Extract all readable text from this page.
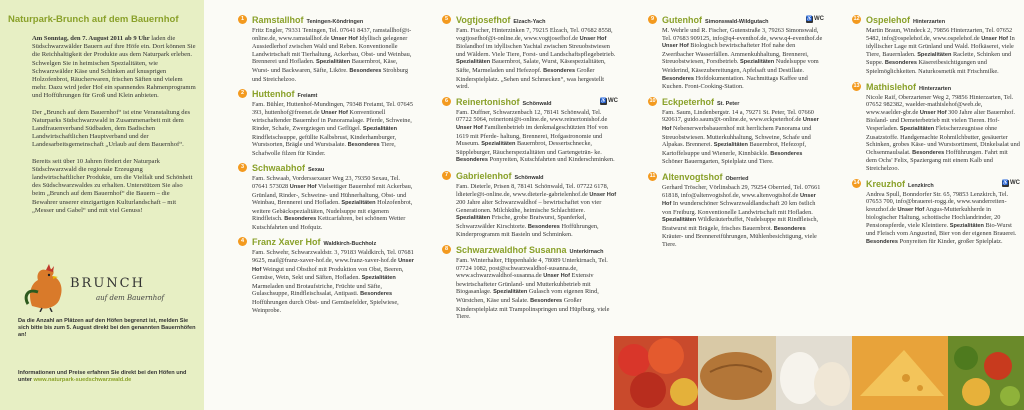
Naturpark-Brunch auf dem Bauernhof

Am Sonntag, den 7. August 2011 ab 9 Uhr laden die Südschwarzwälder Bauern auf ihre Höfe ein. Dort können Sie die Reichhaltigkeit der Produkte aus dem Naturpark erleben. Schwelgen Sie in heimischen Spezialitäten, wie Schwarzwälder Käse und Schinken auf knusprigen Holzofenbrot, Räucherwaren, frischen Säften und vielem mehr. Dazu wird jeder Hof ein spannendes Rahmenprogramm und Hofführungen für Groß und Klein anbieten.

Der „Brunch auf dem Bauernhof“ ist eine Veranstaltung des Naturparks Südschwarzwald in Zusammenarbeit mit dem Landfrauenverband Südbaden, dem Badischen Landwirtschaftlichen Hauptverband und der Landesarbeitsgemeinschaft „Urlaub auf dem Bauernhof“.

Bereits seit über 10 Jahren fördert der Naturpark Südschwarzwald die regionale Erzeugung landwirtschaftlicher Produkte, um die Vielfalt und Schönheit des Südschwarzwaldes zu erhalten. Unterstützen Sie also beim „Brunch auf dem Bauernhof“ die Bauern – die Bewahrer unserer einzigartigen Kulturlandschaft – mit „Messer und Gabel“ und mit viel Genuss!

BRUNCH
auf dem Bauernhof
Da die Anzahl an Plätzen auf den Höfen begrenzt ist, melden Sie sich bitte bis zum 5. August direkt bei den genannten Bauernhöfen an!
Informationen und Preise erfahren Sie direkt bei den Höfen und unter www.naturpark-suedschwarzwald.de
1 Ramstallhof Teningen-Köndringen

Fritz Engler, 79331 Teningen, Tel. 07641 8437, ramstallhof@t-online.de, www.ramstallhof.de Unser Hof Idyllisch gelegener Aussiedlerhof zwischen Wald und Reben. Konventionelle Landwirtschaft mit Tierhaltung, Ackerbau, Obst- und Weinbau, Brennerei und Hofladen. Spezialitäten Bauernbrot, Käse, Wurst- und Backwaren, Säfte, Liköre. Besonderes Strohburg und Streichelzoo.

2 Huttenhof Freiamt

Fam. Bühler, Huttenhof-Mundingen, 79348 Freiamt, Tel. 07645 393, huttenhof@freenet.de Unser Hof Konventionell wirtschaftender Bauernhof in Panoramalage. Pferde, Schweine, Rinder, Schafe, Zwergziegen und Geflügel. Spezialitäten Rindfleischsuppe, gefüllte Kalbsbrust, Kinderhamburger, Wurstsorten, Brägle und Wurstsalate. Besonderes Tiere, Schafwolle filzen für Kinder.

3 Schwaabhof Sexau

Fam. Schwaab, Vorderssexauer Weg 23, 79350 Sexau, Tel. 07641 573028 Unser Hof Vielseitiger Bauernhof mit Ackerbau, Grünland, Rinder-, Schweine- und Hühnerhaltung, Obst- und Weinbau, Brennerei und Hofladen. Spezialitäten Holzofenbrot, weitere Gebäckspezialitäten, Nudelsuppe mit eigenem Rindfleisch. Besonderes Kettcarfahren, bei schönem Wetter Kutschfahrten und Hofquiz.

4 Franz Xaver Hof Waldkirch-Buchholz

Fam. Schwehr, Schwarzwaldstr. 3, 79183 Waldkirch, Tel. 07681 9625, mail@franz-xaver-hof.de, www.franz-xaver-hof.de Unser Hof Weingut und Obsthof mit Produktion von Obst, Beeren, Gemüse, Wein, Sekt und Säften, Hofladen. Spezialitäten Marmeladen und Brotaufstriche, Früchte und Säfte, Gulaschsuppe, Rindfleischsalat, Antipasti. Besonderes Hofführungen durch Obst- und Gemüsefelder, Spielwiese, Weinprobe.

5 Vogtjosefhof Elzach-Yach

Fam. Fischer, Hinterzinken 7, 79215 Elzach, Tel. 07682 8558, vogtjosefhof@t-online.de, www.vogtjosefhof.de Unser Hof Biolandhof im idyllischen Yachtal zwischen Streuobstwiesen und Wäldern. Viele Tiere, Forst- und Landschaftspflegebetrieb. Spezialitäten Bauernbrot, Salate, Wurst, Käsespezialitäten, Säfte, Marmeladen und Hefezopf. Besonderes Großer Kinderspielplatz. „Sehen und Schmecken“, was hergestellt wird.

6	♿WC
Reinertonishof Schönwald

Fam. Duffner, Schwarzenbach 12, 78141 Schönwald, Tel. 07722 5064, reinertoni@t-online.de, www.reinertonishof.de Unser Hof Familienbetrieb im denkmalgeschützten Hof von 1619 mit Pferde- haltung, Brennerei, Hofgastronomie und Museum. Spezialitäten Bauernbrot, Dessertschnecke, Süppleburger, Räucherspezialitäten und Gartengeträn- ke. Besonderes Ponyreiten, Kutschfahrten und Kinderschminken.

7 Gabrielenhof Schönwald

Fam. Dieterle, Prisen 8, 78141 Schönwald, Tel. 07722 6178, ldieterle@t-online.de, www.dieterle-gabrielenhof.de Unser Hof 200 Jahre alter Schwarzwaldhof – bewirtschaftet von vier Generationen. Milchkühe, heimische Schlachttiere. Spezialitäten Frische, grobe Bratwurst, Spanferkel, Schwarzwälder Kirschtorte. Besonderes Hofführungen, Kinderprogramm mit Basteln und Schminken.

8 Schwarzwaldhof Susanna Unterkirnach

Fam. Winterhalter, Hippenhalde 4, 78089 Unterkirnach, Tel. 07724 1082, post@schwarzwaldhof-susanna.de, www.schwarzwaldhof-susanna.de Unser Hof Extensiv bewirtschafteter Grünland- und Mutterkuhbetrieb mit Biogasanlage. Spezialitäten Gulasch vom eigenen Rind, Würstchen, Käse und Salate. Besonderes Großer Kinderspielplatz mit Trampolinspringen und Hüpfburg, viele Tiere.

9	♿WC
Gutenhof Simonswald-Wildgutach

M. Wehrle und R. Fischer, Gutenstraße 3, 79263 Simonswald, Tel. 07683 909125, info@q4-eventhof.de, www.q4-eventhof.de Unser Hof Biologisch bewirtschafteter Hof nahe den Zweribacher Wasserfällen. Ammenkuhhaltung, Brennerei, Streuobstwiesen, Forstbetrieb. Spezialitäten Nudelsuppe vom Weiderind, Käsezubereitungen, Apfelsaft und Destillate. Besonderes Hofdokumentation. Nachmittags Kaffee und Kuchen. Front-Cooking-Station.

10 Eckpeterhof St. Peter

Fam. Saum, Lindenbergstr. 14 a, 79271 St. Peter, Tel. 07660 920617, guido.saum@t-online.de, www.eckpeterhof.de Unser Hof Nebenerwerbsbauernhof mit herrlichem Panorama und Streuobstwiesen. Mutterkuhhaltung, Schweine, Schafe und Alpakas. Brennerei. Spezialitäten Bauernbrot, Hefezopf, Kartoffelsuppe und Wienerle, Kinnbäckle. Besonderes Schöner Bauerngarten, Spielplatz und Tiere.

11 Altenvogtshof Oberried

Gerhard Tröscher, Vörlinsbach 29, 79254 Oberried, Tel. 07661 61818, info@altenvogtshof.de, www.altenvogtshof.de Unser Hof In wunderschöner Schwarzwaldlandschaft 20 km östlich von Freiburg. Konventionelle Landwirtschaft mit Hofladen. Spezialitäten Wildkräuterbuffet, Nudelsuppe mit Rindfleisch, Bratwurst mit Brägele, frisches Bauernbrot. Besonderes Kräuter- und Brennereiführungen, Mühlenbesichtigung, viele Tiere.

12 Ospelehof Hinterzarten

Martin Braun, Windeck 2, 79856 Hinterzarten, Tel. 07652 5482, info@ospelehof.de, www.ospelehof.de Unser Hof In idyllischer Lage mit Grünland und Wald. Hofkäserei, viele Tiere, Bauernladen. Spezialitäten Raclette, Schinken und Suppe. Besonderes Käsereibesichtigungen und Spielmöglichkeiten. Naturkosmetik mit Frischmilke.

13 Mathislehof Hinterzarten

Nicole Raif, Oberzartener Weg 2, 79856 Hinterzarten, Tel. 07652 982382, waelder-mathislehof@web.de, www.waelder-gbr.de Unser Hof 300 Jahre alter Bauernhof. Bioland- und Demeterbetrieb mit vielen Tieren. Hof-Vesperladen. Spezialitäten Fleischerzeugnisse ohne Zusatzstoffe. Handgemachte Rohmilchbutter, gesäuerter Schinken, grobes Käse- und Wurstsortiment, Dinkelsalat und Ochsenmaulsalat. Besonderes Hofführungen. Fahrt mit dem Ochs' Felix, Spaziergang mit einem Kalb und Streichelzoo.

14	♿WC
Kreuzhof Lenzkirch

Andrea Spull, Bonndorfer Str. 65, 79853 Lenzkirch, Tel. 07653 700, info@brauerei-rogg.de, www.wanderreiten-kreuzhof.de Unser Hof Angus-Mutterkuhherde in biologischer Haltung, schottische Hochlandrinder, 20 Pensionspferde, viele Kleintiere. Spezialitäten Bio-Wurst und Fleisch vom Angusrind, Bier von der eigenen Brauerei. Besonderes Ponyreiten für Kinder, großer Spielplatz.
